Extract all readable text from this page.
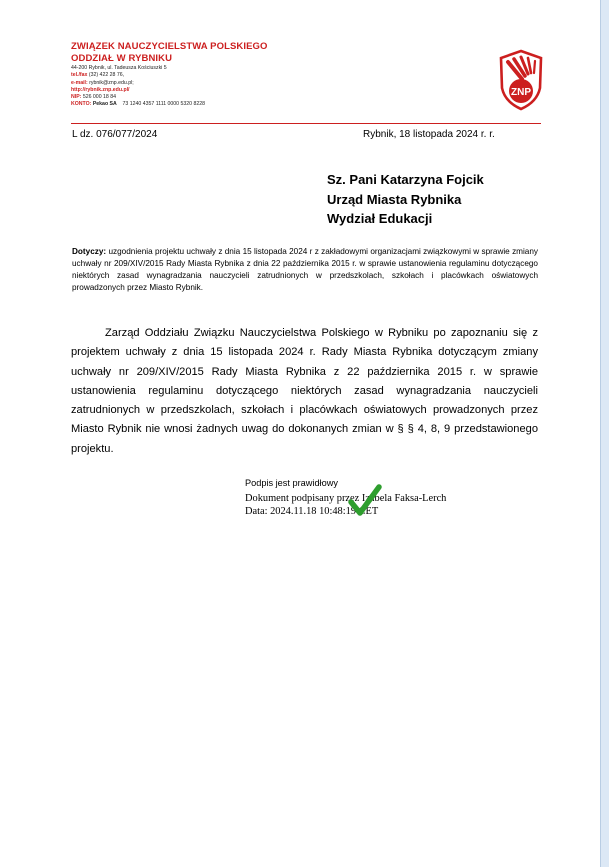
ZWIĄZEK NAUCZYCIELSTWA POLSKIEGO
ODDZIAŁ W RYBNIKU
44-200 Rybnik, ul. Tadeusza Kościuszki 5
tel./fax (32) 422 28 76,
e-mail: rybnik@znp.edu.pl;
http://rybnik.znp.edu.pl/
NIP: 526 000 18 84
KONTO: Pekao SA 73 1240 4357 1111 0000 5320 8228
ZNP
L dz. 076/077/2024	Rybnik, 18 listopada 2024 r. r.
Sz. Pani Katarzyna Fojcik
Urząd Miasta Rybnika
Wydział Edukacji
Dotyczy: uzgodnienia projektu uchwały z dnia 15 listopada 2024 r z zakładowymi organizacjami związkowymi w sprawie zmiany uchwały nr 209/XIV/2015 Rady Miasta Rybnika z dnia 22 października 2015 r. w sprawie ustanowienia regulaminu dotyczącego niektórych zasad wynagradzania nauczycieli zatrudnionych w przedszkolach, szkołach i placówkach oświatowych prowadzonych przez Miasto Rybnik.
Zarząd Oddziału Związku Nauczycielstwa Polskiego w Rybniku po zapoznaniu się z projektem uchwały z dnia 15 listopada 2024 r. Rady Miasta Rybnika dotyczącym zmiany uchwały nr 209/XIV/2015 Rady Miasta Rybnika z 22 października 2015 r. w sprawie ustanowienia regulaminu dotyczącego niektórych zasad wynagradzania nauczycieli zatrudnionych w przedszkolach, szkołach i placówkach oświatowych prowadzonych przez Miasto Rybnik nie wnosi żadnych uwag do dokonanych zmian w § § 4, 8, 9 przedstawionego projektu.
Podpis jest prawidłowy
Dokument podpisany przez Izabela Faksa-Lerch
Data: 2024.11.18 10:48:19 CET
